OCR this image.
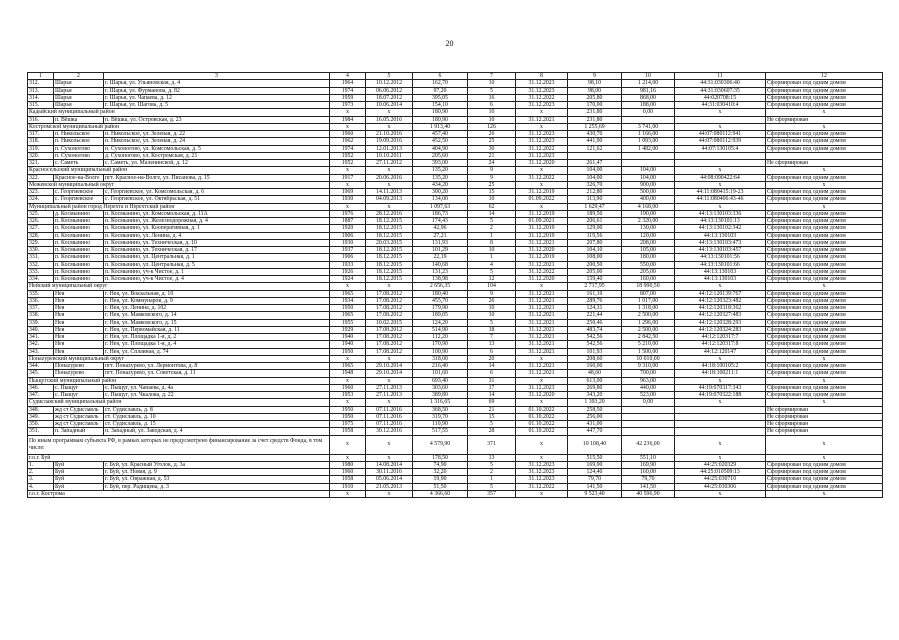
20
1	2	3	4	5	6	7	8	9	10	11	12
312.	Шарья	г. Шарья, ул. Ульяновская, д. 4	1964	10.12.2012	162,70	10	31.12.2023	98,10	1 214,00	44:31:030306:40	Сформирован под одним домом
313.	Шарья	г. Шарья, ул. Фурманова, д. 82	1974	06.06.2012	97,20	5	31.12.2023	98,00	981,16	44:31:030607:35	Сформирован под одним домом
314.	Шарья	г. Шарья, ул. Чапаева, д. 12	1959	18.07.2012	395,05	16	31.12.2022	205,80	868,00	44:020708:15	Сформирован под одним домом
315.	Шарья	г. Шарья, ул. Шагова, д. 5	1973	10.06.2014	154,10	6	31.12.2023	170,00	188,00	44:31:030410:4	Сформирован под одним домом
Кадыйский муниципальный район			x	x	180,90	10	x	231,80	0,00	x	x
316.	п. Вёшка	п. Вёшка, ул. Островская, д. 23	1984	16.05.2016	180,90	10	31.12.2021	231,80			Не сформирован
Костромской муниципальный район			x	x	1 913,40	126	x	1 255,69	3 741,00	x	x
317.	п. Никольское	п. Никольское, ул. Зеленая, д. 22	1960	21.10.2016	457,40	26	31.12.2023	430,70	1 166,00	44:07:080112:941	Сформирован под одним домом
318.	п. Никольское	п. Никольское, ул. Зеленая, д. 24	1962	19.09.2016	452,50	25	31.12.2023	441,90	1 093,00	44:07:080112:939	Сформирован под одним домом
319.	п. Сухоногово	п. Сухоногово, ул. Комсомольская, д. 5	1974	12.01.2013	404,90	30	31.12.2022	121,62	1 482,00	44:07:130105:4	Сформирован под одним домом
320.	п. Сухоногово	д. Сухоногово, ул. Костромская, д. 21	1952	10.10.2011	205,60	21	31.12.2023				
321.	с. Саметь	с. Саметь, ул. Маленинской, д. 12	1952	27.11.2012	393,00	24	31.12.2020	261,47			Не сформирован
Красносельский муниципальный район			x	x	135,20	9	x	104,00	104,00	x	x
322.	Красное-на-Волге	пгт. Красное-на-Волге, ул. Писанова, д. 15	1917	20.06.2016	135,20	9	31.12.2022	104,00	104,00	44:08:090422:64	Сформирован под одним домом
Межевской муниципальный округ			x	x	434,20	25	x	326,70	900,00	x	x
323.	с. Георгиевское	с. Георгиевское, ул. Комсомольская, д. 6	1969	14.11.2013	300,20	15	31.12.2019	212,80	500,00	44:11:080415:19-23	Сформирован под одним домом
324.	с. Георгиевское	с. Георгиевское, ул. Октябрьская, д. 51	1930	04.09.2013	134,00	10	01.09.2022	113,90	400,00	44:11:080406:43-46	Сформирован под одним домом
Муниципальный район город Нерехта и Нерехтский район			x	x	1 097,63	62	x	1 629,47	4 168,00	x	x
325.	д. Космынино	п. Космынино, ул. Комсомольская, д. 11А	1976	28.12.2016	186,73	14	31.12.2019	189,50	190,00	44:13:130103:336	Сформирован под одним домом
326.	п. Космынино	п. Космынино, ул. Железнодорожная, д. 4	1887	18.12.2015	174,43	5	01.09.2021	206,61	2 320,00	44:13:130101:13	Сформирован под одним домом
327.	п. Космынино	п. Космынино, ул. Кооперативная, д. 1	1920	18.12.2015	42,96	2	31.12.2019	129,00	130,00	44:13:130102:342	Сформирован под одним домом
328.	п. Космынино	п. Космынино, ул. Ленина, д. 4	1906	18.12.2015	27,21	1	31.12.2019	119,56	120,00	44:13:130103	Сформирован под одним домом
329.	п. Космынино	п. Космынино, ул. Техническая, д. 10	1930	20.03.2015	131,93	8	31.12.2021	207,80	208,00	44:13:130103:473	Сформирован под одним домом
330.	п. Космынино	п. Космынино, ул. Техническая, д. 17	1937	18.12.2015	101,29	10	31.12.2020	104,10	105,00	44:13:130103:457	Сформирован под одним домом
331.	п. Космынино	п. Космынино, ул. Центральная, д. 1	1906	18.12.2015	22,19	1	31.12.2019	108,00	180,00	44:13:130101:56	Сформирован под одним домом
332.	п. Космынино	п. Космынино, ул. Центральная, д. 5	1933	18.12.2015	140,68	4	31.12.2021	200,50	550,00	44:13:130101:66	Сформирован под одним домом
333.	п. Космынино	п. Космынино, уч-к Чистое, д. 1	1926	18.12.2015	131,23	5	31.12.2022	205,00	205,00	44:13:130103	Сформирован под одним домом
334.	п. Космынино	п. Космынино, уч-к Чистое, д. 4	1924	18.12.2015	138,98	12	31.12.2020	159,40	160,00	44:13:130103	Сформирован под одним домом
Нейский муниципальный округ			x	x	2 656,35	104	x	2 717,95	18 990,50	x	x
335.	Нея	г. Нея, ул. Вокзальная, д. 10	1965	17.08.2012	180,40	9	31.12.2021	161,19	807,00	44:12:120139:767	Сформирован под одним домом
336.	Нея	г. Нея, ул. Коммунаров, д. 9	1934	17.08.2012	455,70	26	31.12.2021	289,76	1 017,00	44:12:120323:482	Сформирован под одним домом
337.	Нея	г. Нея, ул. Ленина, д. 102	1950	17.08.2012	179,90	10	31.12.2021	124,31	1 318,00	44:12:120318:362	Сформирован под одним домом
338.	Нея	г. Нея, ул. Маяковского, д. 14	1965	17.08.2012	189,05	10	31.12.2021	221,44	2 500,00	44:12:120327:483	Сформирован под одним домом
339.	Нея	г. Нея, ул. Маяковского, д. 15	1955	10.02.2015	124,20	5	31.12.2021	250,46	1 296,00	44:12:120328:293	Сформирован под одним домом
340.	Нея	г. Нея, ул. Первомайская, д. 11	1929	17.08.2012	514,90	18	31.12.2021	483,74	2 500,00	44:12:120324:283	Сформирован под одним домом
341.	Нея	г. Нея, ул. Площадка 1-я, д. 2	1940	17.08.2012	112,20	7	31.12.2021	542,56	2 842,50	44:12:120317:7	Сформирован под одним домом
342.	Нея	г. Нея, ул. Площадка 1-я, д. 4	1940	17.08.2012	170,90	13	31.12.2021	542,56	5 210,00	44:12:120317:8	Сформирован под одним домом
343.	Нея	г. Нея, ул. Сплавная, д. 74	1950	17.08.2012	100,90	6	31.12.2021	101,93	1 500,00	44:12:120147	Сформирован под одним домом
Понazyревский муниципальный округ			x	x	318,00	20	x	208,60	10 010,00	x	x
344.	Понazyрево	пгт. Понazyрево, ул. Лермонтова, д. 8	1965	29.10.2014	216,40	14	31.12.2021	160,00	9 310,00	44:18:100105:2	Сформирован под одним домом
345.	Понazyрево	пгт. Понazyрево, ул. Советская, д. 11	1948	29.10.2014	101,60	6	31.12.2021	48,60	700,00	44:18:100211:1	Сформирован под одним домом
Пыщугский муниципальный район			x	x	693,40	31	x	613,00	963,00	x	x
346.	с. Пыщуг	с. Пыщуг, ул. Чапаева, д. 4а	1960	27.11.2013	303,60	17	31.12.2023	269,80	440,00	44:19:070317:343	Сформирован под одним домом
347.	с. Пыщуг	с. Пыщуг, ул. Чкалова, д. 22	1953	27.11.2013	389,80	14	31.12.2020	343,20	523,00	44:19:070322:188	Сформирован под одним домом
Судиславский муниципальный район			x	x	1 316,65	69	x	1 393,20	0,00	x	x
348.	жд ст Судиславль	ст. Судиславль, д. 8	1950	07.11.2016	368,50	21	01.10.2022	258,50			Не сформирован
349.	жд ст Судиславль	ст. Судиславль, д. 10	1950	07.11.2016	319,70	15	01.10.2022	256,00			Не сформирован
350.	жд ст Судиславль	ст. Судиславль, д. 15	1975	07.11.2016	110,90	5	01.10.2022	431,00			Не сформирован
351.	п. Западный	п. Западный, ул. Заводская, д. 4	1958	30.12.2016	517,55	28	01.10.2022	447,70			Не сформирован
По иным программам субъекта РФ, в рамках которых не предусмотрено финансирование за счет средств Фонда, в том числе:			x	x	4 579,90	371	x	10 108,40	42 236,00	x	x
г.о.г. Буй			x	x	178,50	13	x	515,50	551,10	x	x
1.	Буй	г. Буй, ул. Красный Уголок, д. 3а	1980	14.08.2014	74,90	5	31.12.2023	169,90	169,90	44:25:020329	Сформирован под одним домом
2.	Буй	г. Буй, ул. Новая, д. 9	1960	30.11.2016	32,20	2	31.12.2023	124,40	160,00	44:25:010509:13	Сформирован под одним домом
3.	Буй	г. Буй, ул. Овражная, д. 53	1958	05.06.2014	19,90	1	31.12.2023	79,70	79,70	44:25:030710	Сформирован под одним домом
4.	Буй	г. Буй, пер. Радищева, д. 3	1910	21.05.2013	51,50	5	31.12.2022	141,50	141,50	44:25:030306	Сформирован под одним домом
г.о.г. Кострома			x	x	4 366,60	357	x	9 523,40	40 596,90	x	x
